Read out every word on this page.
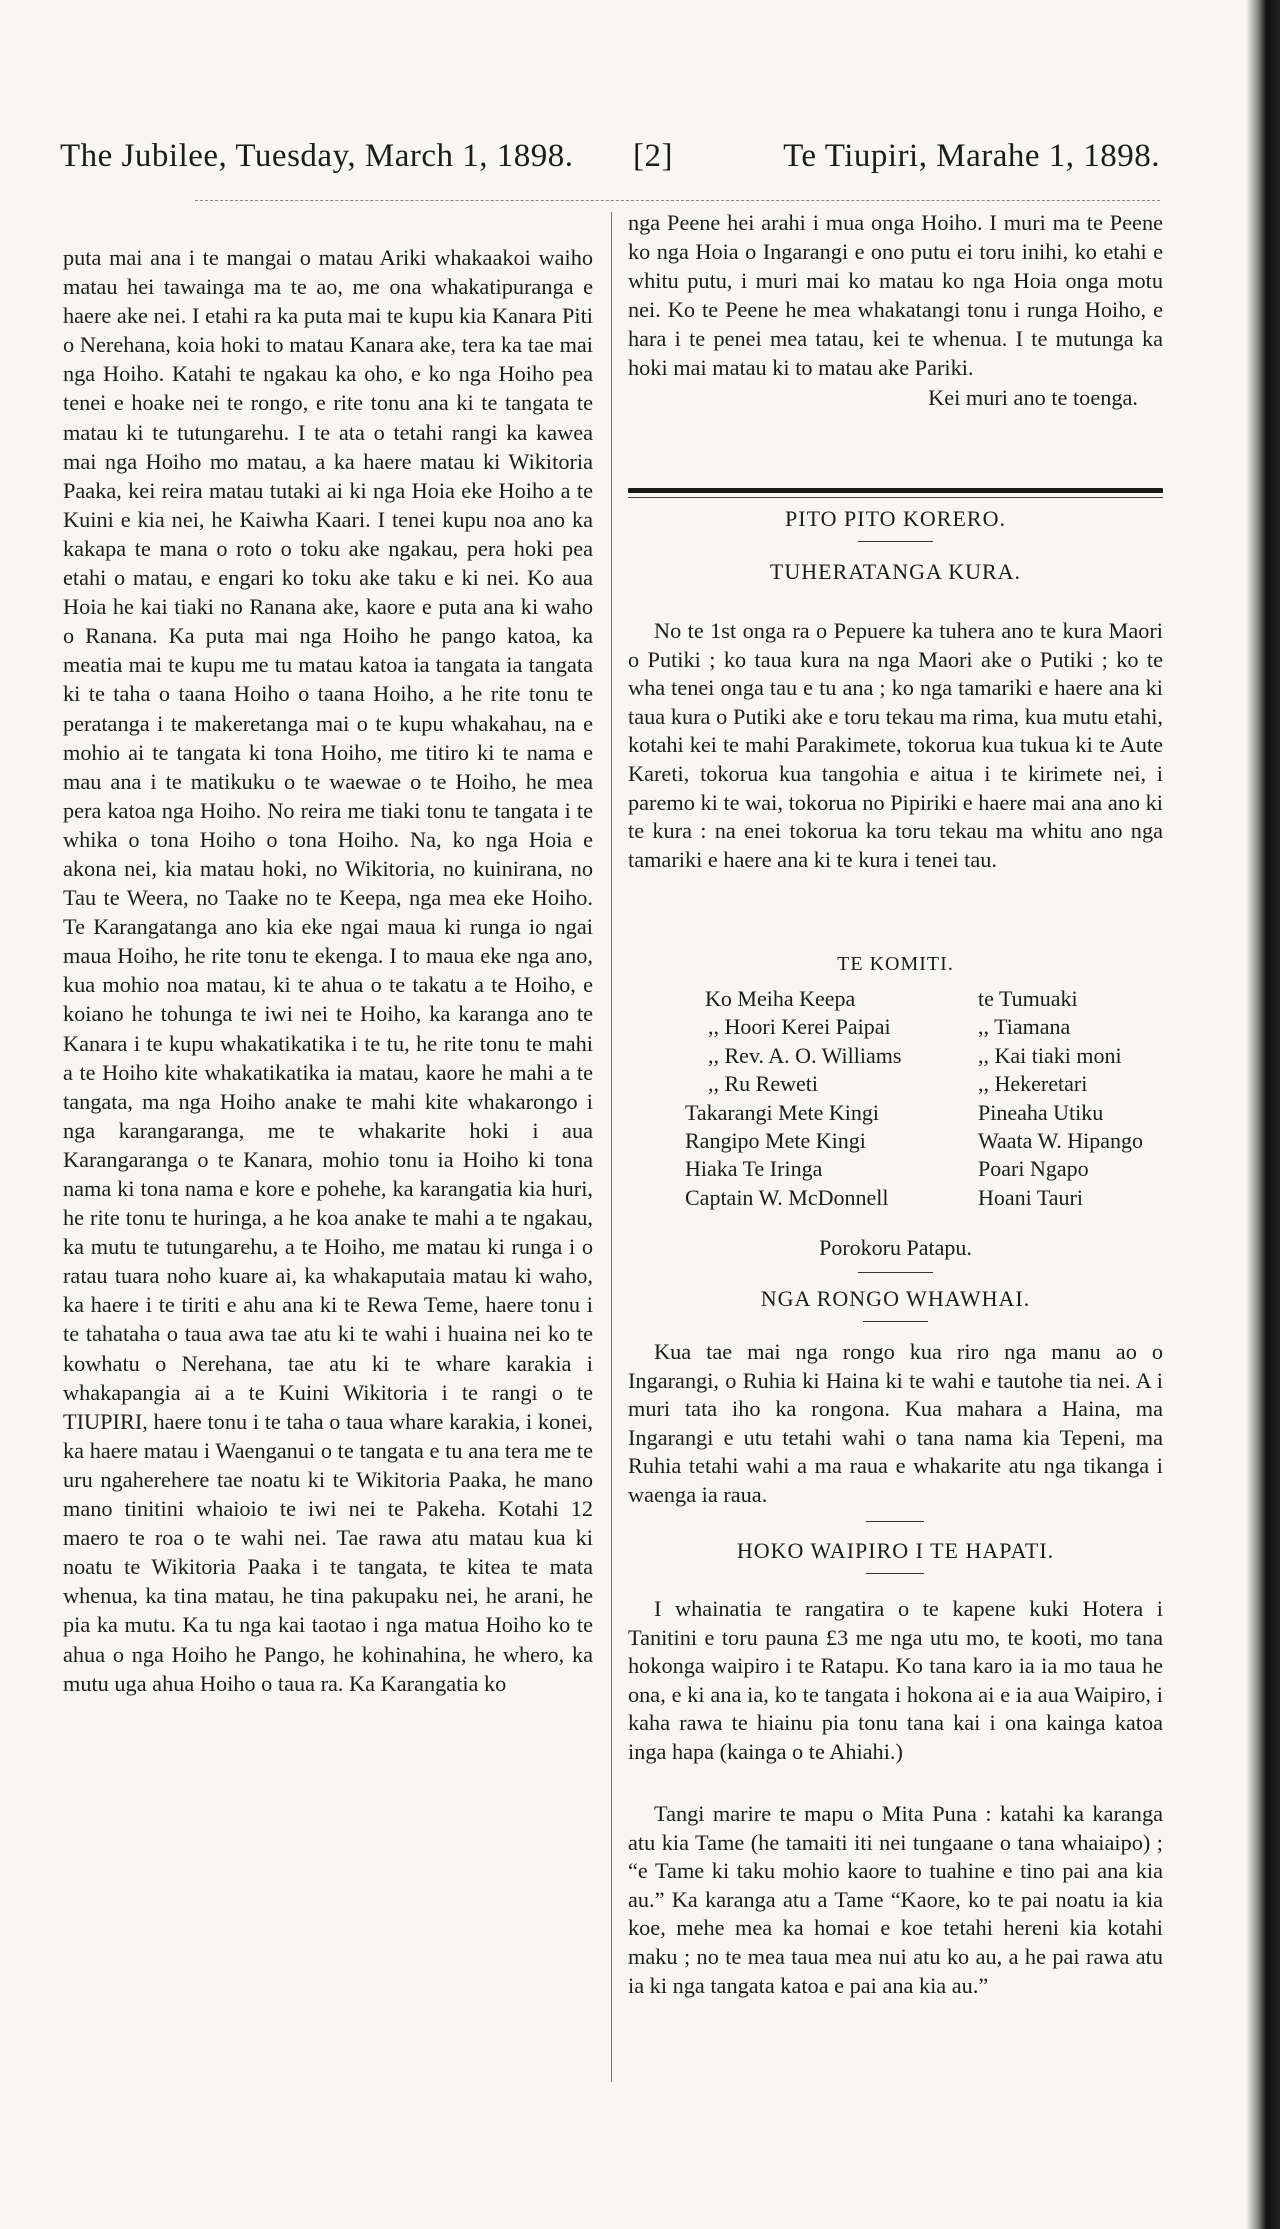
The Jubilee, Tuesday, March 1, 1898. [2]	Te Tiupiri, Marahe 1, 1898.

puta mai ana i te mangai o matau Ariki whakaakoi waiho matau hei tawainga ma te ao, me ona whakatipuranga e haere ake nei. I etahi ra ka puta mai te kupu kia Kanara Piti o Nerehana, koia hoki to matau Kanara ake, tera ka tae mai nga Hoiho. Katahi te ngakau ka oho, e ko nga Hoiho pea tenei e hoake nei te rongo, e rite tonu ana ki te tangata te matau ki te tutungarehu. I te ata o tetahi rangi ka kawea mai nga Hoiho mo matau, a ka haere matau ki Wikitoria Paaka, kei reira matau tutaki ai ki nga Hoia eke Hoiho a te Kuini e kia nei, he Kaiwha Kaari. I tenei kupu noa ano ka kakapa te mana o roto o toku ake ngakau, pera hoki pea etahi o matau, e engari ko toku ake taku e ki nei. Ko aua Hoia he kai tiaki no Ranana ake, kaore e puta ana ki waho o Ranana. Ka puta mai nga Hoiho he pango katoa, ka meatia mai te kupu me tu matau katoa ia tangata ia tangata ki te taha o taana Hoiho o taana Hoiho, a he rite tonu te peratanga i te makeretanga mai o te kupu whakahau, na e mohio ai te tangata ki tona Hoiho, me titiro ki te nama e mau ana i te matikuku o te waewae o te Hoiho, he mea pera katoa nga Hoiho. No reira me tiaki tonu te tangata i te whika o tona Hoiho o tona Hoiho. Na, ko nga Hoia e akona nei, kia matau hoki, no Wikitoria, no kuinirana, no Tau te Weera, no Taake no te Keepa, nga mea eke Hoiho. Te Karangatanga ano kia eke ngai maua ki runga io ngai maua Hoiho, he rite tonu te ekenga. I to maua eke nga ano, kua mohio noa matau, ki te ahua o te takatu a te Hoiho, e koiano he tohunga te iwi nei te Hoiho, ka karanga ano te Kanara i te kupu whakatikatika i te tu, he rite tonu te mahi a te Hoiho kite whakatikatika ia matau, kaore he mahi a te tangata, ma nga Hoiho anake te mahi kite whakarongo i nga karangarangа, me te whakarite hoki i aua Karangaranga o te Kanara, mohio tonu ia Hoiho ki tona nama ki tona nama e kore e pohehe, ka karangatia kia huri, he rite tonu te huringa, a he koa anake te mahi a te ngakau, ka mutu te tutungarehu, a te Hoiho, me matau ki runga i o ratau tuara noho kuare ai, ka whakaputaia matau ki waho, ka haere i te tiriti e ahu ana ki te Rewa Teme, haere tonu i te tahataha o taua awa tae atu ki te wahi i huaina nei ko te kowhatu o Nerehana, tae atu ki te whare karakia i whakapangia ai a te Kuini Wikitoria i te rangi o te TIUPIRI, haere tonu i te taha o taua whare karakia, i konei, ka haere matau i Waenganui o te tangata e tu ana tera me te uru ngaherehere tae noatu ki te Wikitoria Paaka, he mano mano tinitini whaioio te iwi nei te Pakeha. Kotahi 12 maero te roa o te wahi nei. Tae rawa atu matau kua ki noatu te Wikitoria Paaka i te tangata, te kitea te mata whenua, ka tina matau, he tina pakupaku nei, he arani, he pia ka mutu. Ka tu nga kai taotao i nga matua Hoiho ko te ahua o nga Hoiho he Pango, he kohinahina, he whero, ka mutu uga ahua Hoiho o taua ra. Ka Karangatia ko

nga Peene hei arahi i mua onga Hoiho. I muri ma te Peene ko nga Hoia o Ingarangi e ono putu ei toru inihi, ko etahi e whitu putu, i muri mai ko matau ko nga Hoia onga motu nei. Ko te Peene he mea whakatangi tonu i runga Hoiho, e hara i te penei mea tatau, kei te whenua. I te mutunga ka hoki mai matau ki to matau ake Pariki.

Kei muri ano te toenga.

PITO PITO KORERO.
TUHERATANGA KURA.
No te 1st onga ra o Pepuere ka tuhera ano te kura Maori o Putiki ; ko taua kura na nga Maori ake o Putiki ; ko te wha tenei onga tau e tu ana ; ko nga tamariki e haere ana ki taua kura o Putiki ake e toru tekau ma rima, kua mutu etahi, kotahi kei te mahi Parakimete, tokorua kua tukua ki te Aute Kareti, tokorua kua tangohia e aitua i te kirimete nei, i paremo ki te wai, tokorua no Pipiriki e haere mai ana ano ki te kura : na enei tokorua ka toru tekau ma whitu ano nga tamariki e haere ana ki te kura i tenei tau.
TE KOMITI.
Ko Meiha Keepa	te Tumuaki
,, Hoori Kerei Paipai	,, Tiamana
,, Rev. A. O. Williams	,, Kai tiaki moni
,, Ru Reweti	,, Hekeretari
Takarangi Mete Kingi	Pineaha Utiku
Rangipo Mete Kingi	Waata W. Hipango
Hiaka Te Iringa	Poari Ngapo
Captain W. McDonnell	Hoani Tauri
Porokoru Patapu.
NGA RONGO WHAWHAI.
Kua tae mai nga rongo kua riro nga manu ao o Ingarangi, o Ruhia ki Haina ki te wahi e tautohe tia nei. A i muri tata iho ka rongona. Kua mahara a Haina, ma Ingarangi e utu tetahi wahi o tana nama kia Tepeni, ma Ruhia tetahi wahi a ma raua e whakarite atu nga tikanga i waenga ia raua.
HOKO WAIPIRO I TE HAPATI.
I whainatia te rangatira o te kapene kuki Hotera i Tanitini e toru pauna £3 me nga utu mo, te kooti, mo tana hokonga waipiro i te Ratapu. Ko tana karo ia ia mo taua he ona, e ki ana ia, ko te tangata i hokona ai e ia aua Waipiro, i kaha rawa te hiainu pia tonu tana kai i ona kainga katoa inga hapa (kainga o te Ahiahi.)
Tangi marire te mapu o Mita Puna : katahi ka karanga atu kia Tame (he tamaiti iti nei tungaane o tana whaiaipo) ; “e Tame ki taku mohio kaore to tuahine e tino pai ana kia au.” Ka karanga atu a Tame “Kaore, ko te pai noatu ia kia koe, mehe mea ka homai e koe tetahi hereni kia kotahi maku ; no te mea taua mea nui atu ko au, a he pai rawa atu ia ki nga tangata katoa e pai ana kia au.”
